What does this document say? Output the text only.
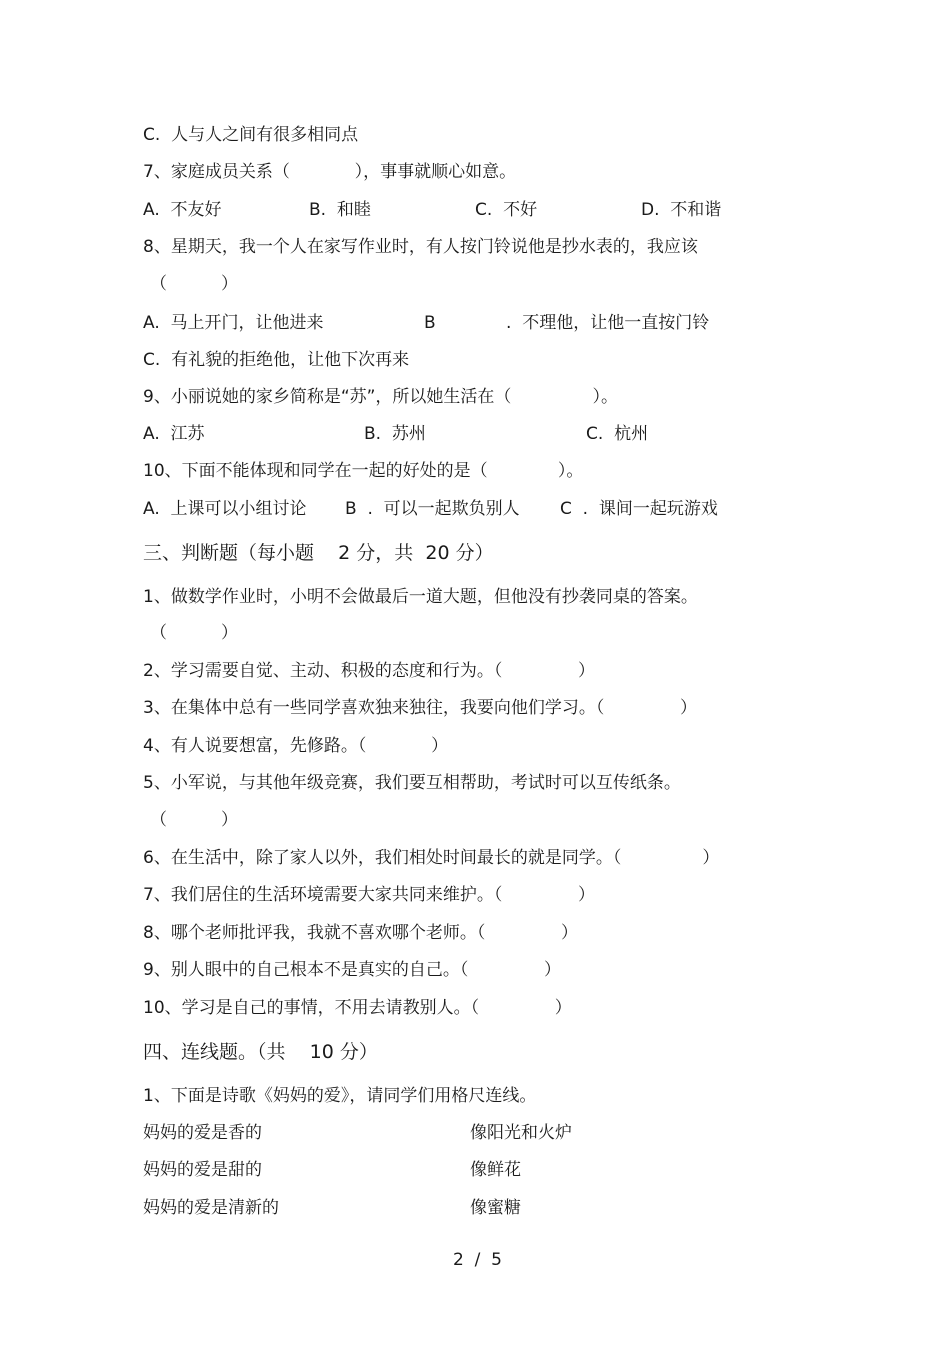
C.  人与人之间有很多相同点
7、家庭成员关系（            ），事事就顺心如意。
A.  不友好	B.  和睦	C.  不好	D.  不和谐
8、星期天，我一个人在家写作业时，有人按门铃说他是抄水表的，我应该
（          ）
A.  马上开门，让他进来	B	.  不理他，让他一直按门铃
C.  有礼貌的拒绝他，让他下次再来
9、小丽说她的家乡简称是“苏”，所以她生活在（               ）。
A.  江苏	B.  苏州	C.  杭州
10、下面不能体现和同学在一起的好处的是（             ）。
A.  上课可以小组讨论 B  .  可以一起欺负别人 C  .  课间一起玩游戏
三、判断题（每小题    2 分，共  20 分）
1、做数学作业时，小明不会做最后一道大题，但他没有抄袭同桌的答案。
（          ）
2、学习需要自觉、主动、积极的态度和行为。（              ）
3、在集体中总有一些同学喜欢独来独往，我要向他们学习。（              ）
4、有人说要想富，先修路。（            ）
5、小军说，与其他年级竞赛，我们要互相帮助，考试时可以互传纸条。
（          ）
6、在生活中，除了家人以外，我们相处时间最长的就是同学。（               ）
7、我们居住的生活环境需要大家共同来维护。（              ）
8、哪个老师批评我，我就不喜欢哪个老师。（              ）
9、别人眼中的自己根本不是真实的自己。（              ）
10、学习是自己的事情，不用去请教别人。（              ）
四、连线题。（共    10 分）
1、下面是诗歌《妈妈的爱》，请同学们用格尺连线。
妈妈的爱是香的	像阳光和火炉
妈妈的爱是甜的	像鲜花
妈妈的爱是清新的	像蜜糖
2  /  5
